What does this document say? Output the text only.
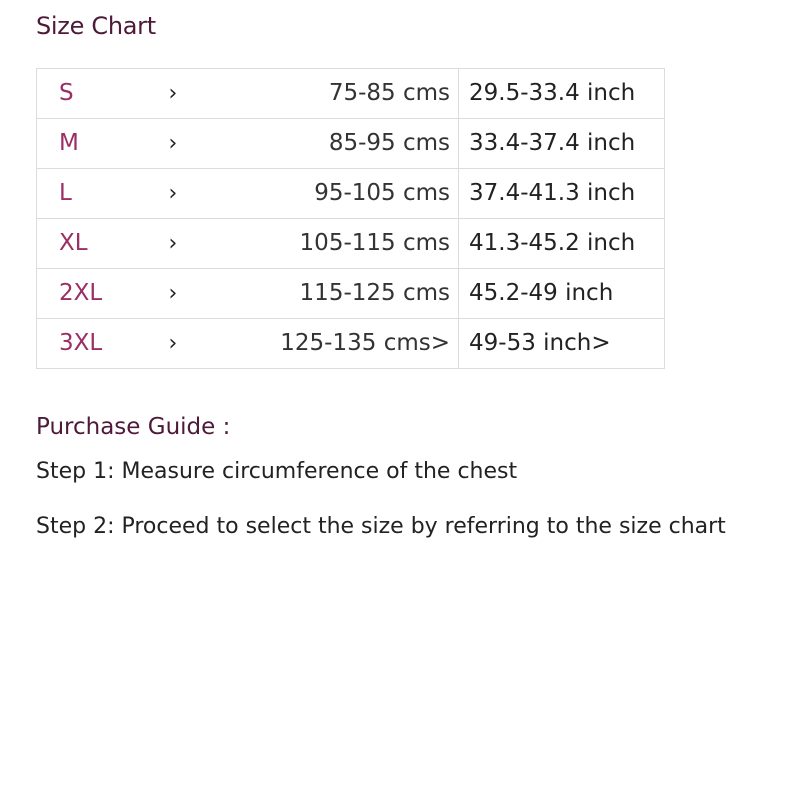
Size Chart
S	›	75-85 cms	29.5-33.4 inch
M	›	85-95 cms	33.4-37.4 inch
L	›	95-105 cms	37.4-41.3 inch
XL	›	105-115 cms	41.3-45.2 inch
2XL	›	115-125 cms	45.2-49 inch
3XL	›	125-135 cms>	49-53 inch>
Purchase Guide :
Step 1: Measure circumference of the chest
Step 2: Proceed to select the size by referring to the size chart
